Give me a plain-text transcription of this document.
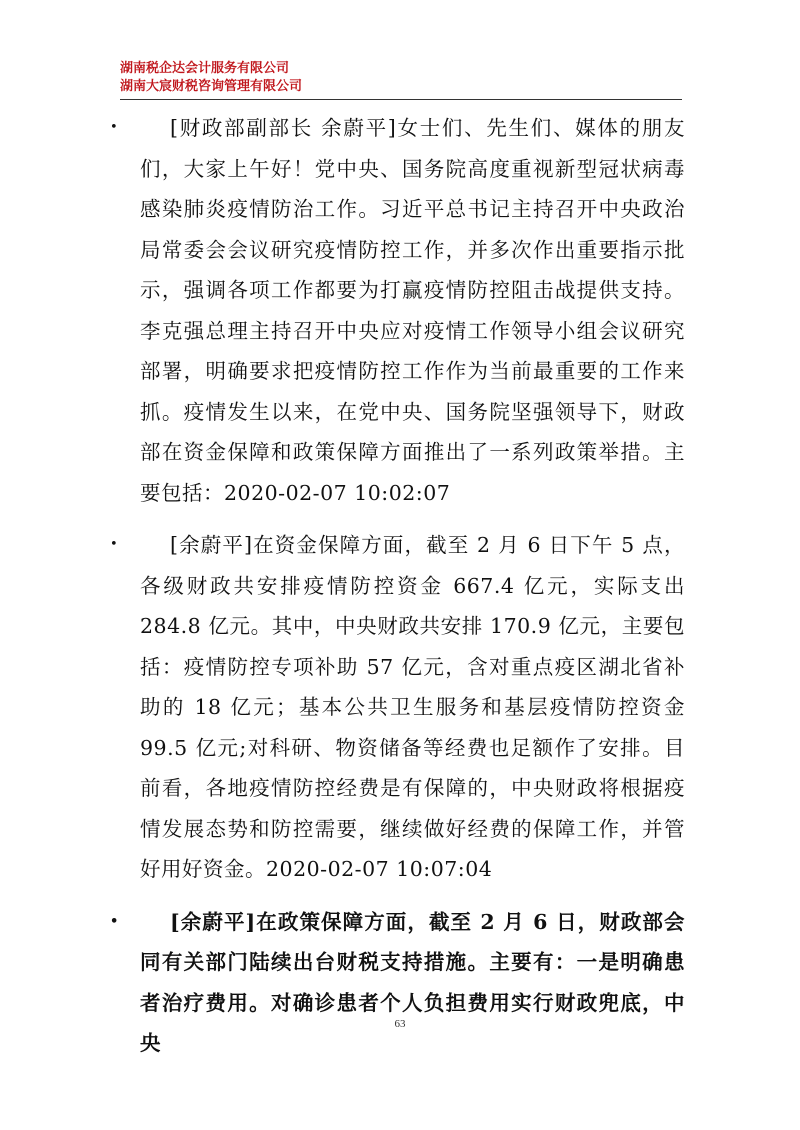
湖南税企达会计服务有限公司
湖南大宸财税咨询管理有限公司

•	[财政部副部长 余蔚平]女士们、先生们、媒体的朋友们，大家上午好！党中央、国务院高度重视新型冠状病毒感染肺炎疫情防治工作。习近平总书记主持召开中央政治局常委会会议研究疫情防控工作，并多次作出重要指示批示，强调各项工作都要为打赢疫情防控阻击战提供支持。李克强总理主持召开中央应对疫情工作领导小组会议研究部署，明确要求把疫情防控工作作为当前最重要的工作来抓。疫情发生以来，在党中央、国务院坚强领导下，财政部在资金保障和政策保障方面推出了一系列政策举措。主要包括：2020-02-07 10:02:07

•	[余蔚平]在资金保障方面，截至 2 月 6 日下午 5 点，各级财政共安排疫情防控资金 667.4 亿元，实际支出 284.8 亿元。其中，中央财政共安排 170.9 亿元，主要包括：疫情防控专项补助 57 亿元，含对重点疫区湖北省补助的 18 亿元；基本公共卫生服务和基层疫情防控资金 99.5 亿元;对科研、物资储备等经费也足额作了安排。目前看，各地疫情防控经费是有保障的，中央财政将根据疫情发展态势和防控需要，继续做好经费的保障工作，并管好用好资金。2020-02-07 10:07:04

• [余蔚平]在政策保障方面，截至 2 月 6 日，财政部会同有关部门陆续出台财税支持措施。主要有：一是明确患者治疗费用。对确诊患者个人负担费用实行财政兜底，中央

63
